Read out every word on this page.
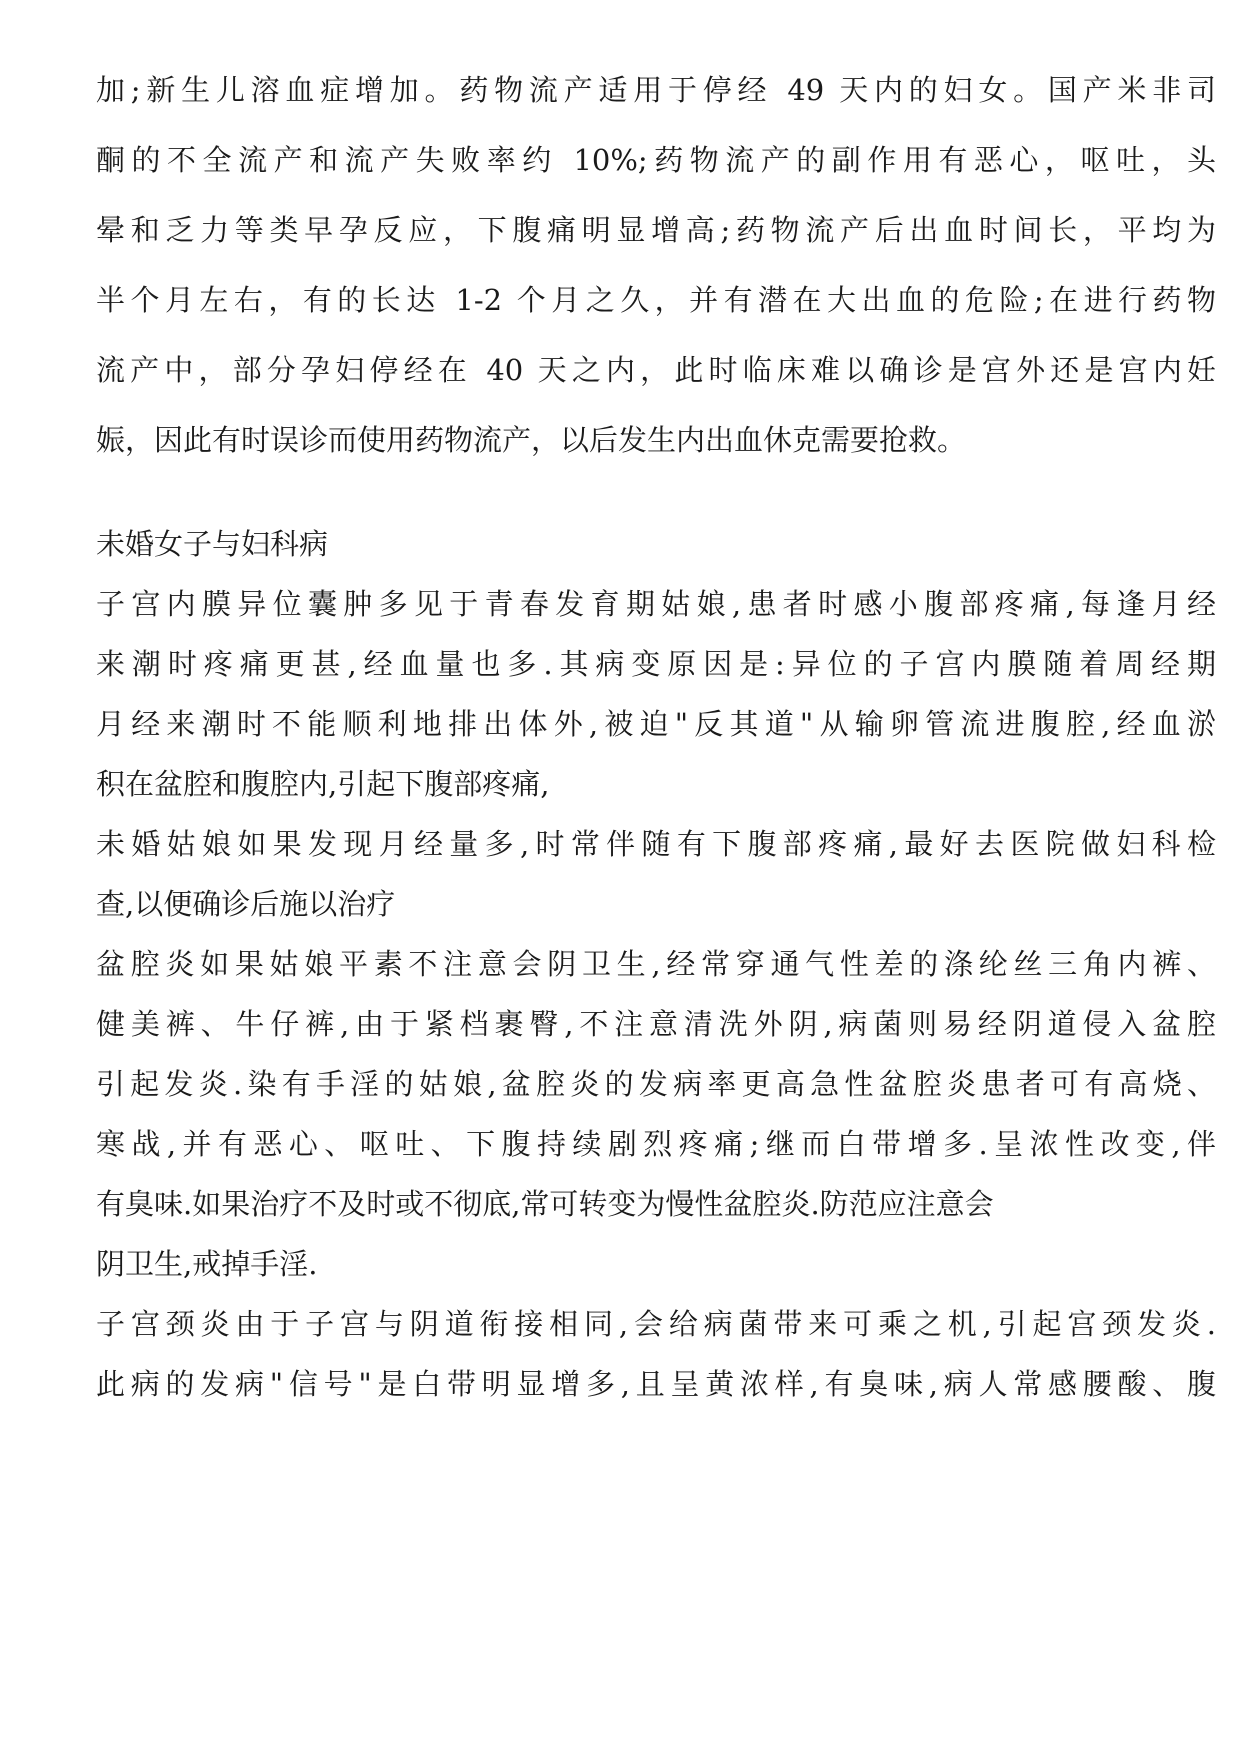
加;新生儿溶血症增加。药物流产适用于停经 49 天内的妇女。国产米非司
酮的不全流产和流产失败率约 10%;药物流产的副作用有恶心，呕吐，头
晕和乏力等类早孕反应，下腹痛明显增高;药物流产后出血时间长，平均为
半个月左右，有的长达 1-2 个月之久，并有潜在大出血的危险;在进行药物
流产中，部分孕妇停经在 40 天之内，此时临床难以确诊是宫外还是宫内妊
娠，因此有时误诊而使用药物流产，以后发生内出血休克需要抢救。
未婚女子与妇科病
子宫内膜异位囊肿多见于青春发育期姑娘,患者时感小腹部疼痛,每逢月经
来潮时疼痛更甚,经血量也多.其病变原因是:异位的子宫内膜随着周经期
月经来潮时不能顺利地排出体外,被迫"反其道"从输卵管流进腹腔,经血淤
积在盆腔和腹腔内,引起下腹部疼痛,
未婚姑娘如果发现月经量多,时常伴随有下腹部疼痛,最好去医院做妇科检
查,以便确诊后施以治疗
盆腔炎如果姑娘平素不注意会阴卫生,经常穿通气性差的涤纶丝三角内裤、
健美裤、牛仔裤,由于紧档裹臀,不注意清洗外阴,病菌则易经阴道侵入盆腔
引起发炎.染有手淫的姑娘,盆腔炎的发病率更高急性盆腔炎患者可有高烧、
寒战,并有恶心、呕吐、下腹持续剧烈疼痛;继而白带增多.呈浓性改变,伴
有臭味.如果治疗不及时或不彻底,常可转变为慢性盆腔炎.防范应注意会
阴卫生,戒掉手淫.
子宫颈炎由于子宫与阴道衔接相同,会给病菌带来可乘之机,引起宫颈发炎.
此病的发病"信号"是白带明显增多,且呈黄浓样,有臭味,病人常感腰酸、腹
